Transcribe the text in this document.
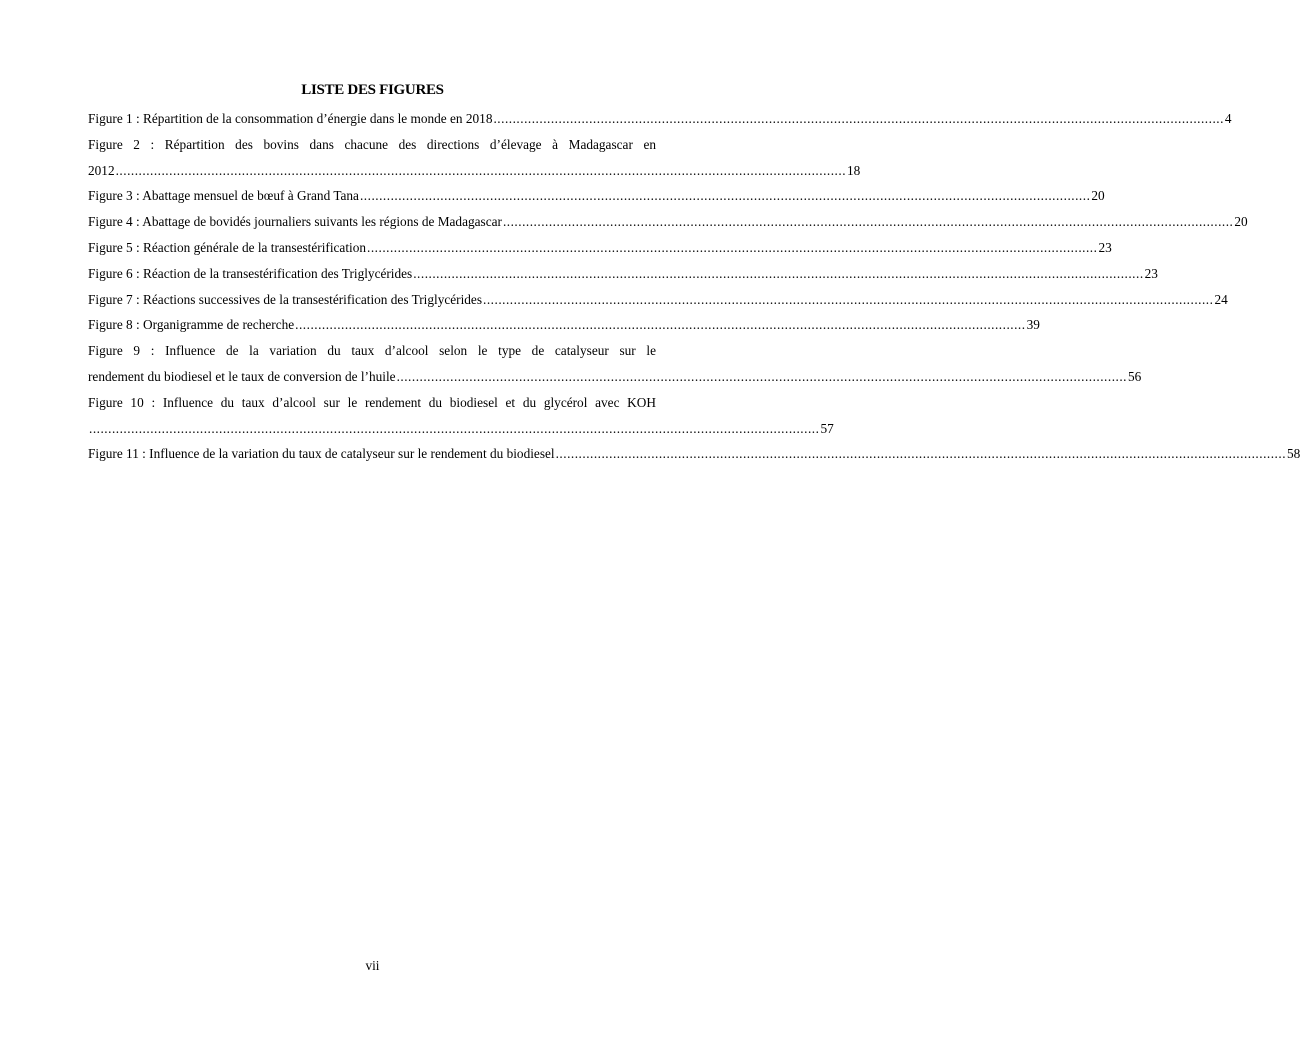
LISTE DES FIGURES
Figure 1 : Répartition de la consommation d’énergie dans le monde en 2018 ............................................................................................................................................................................................... 4
Figure 2 : Répartition des bovins dans chacune des directions d’élevage à Madagascar en
2012 ............................................................................................................................................................................................... 18
Figure 3 : Abattage mensuel de bœuf à Grand Tana ............................................................................................................................................................................................... 20
Figure 4 : Abattage de bovidés journaliers suivants les régions de Madagascar ............................................................................................................................................................................................... 20
Figure 5 : Réaction générale de la transestérification ............................................................................................................................................................................................... 23
Figure 6 : Réaction de la transestérification des Triglycérides ............................................................................................................................................................................................... 23
Figure 7 : Réactions successives de la transestérification des Triglycérides ............................................................................................................................................................................................... 24
Figure 8 : Organigramme de recherche ............................................................................................................................................................................................... 39
Figure 9 : Influence de la variation du taux d’alcool selon le type de catalyseur sur le
rendement du biodiesel et le taux de conversion de l’huile ............................................................................................................................................................................................... 56
Figure 10 : Influence du taux d’alcool sur le rendement du biodiesel et du glycérol avec KOH
............................................................................................................................................................................................... 57
Figure 11 : Influence de la variation du taux de catalyseur sur le rendement du biodiesel ............................................................................................................................................................................................... 58
vii
